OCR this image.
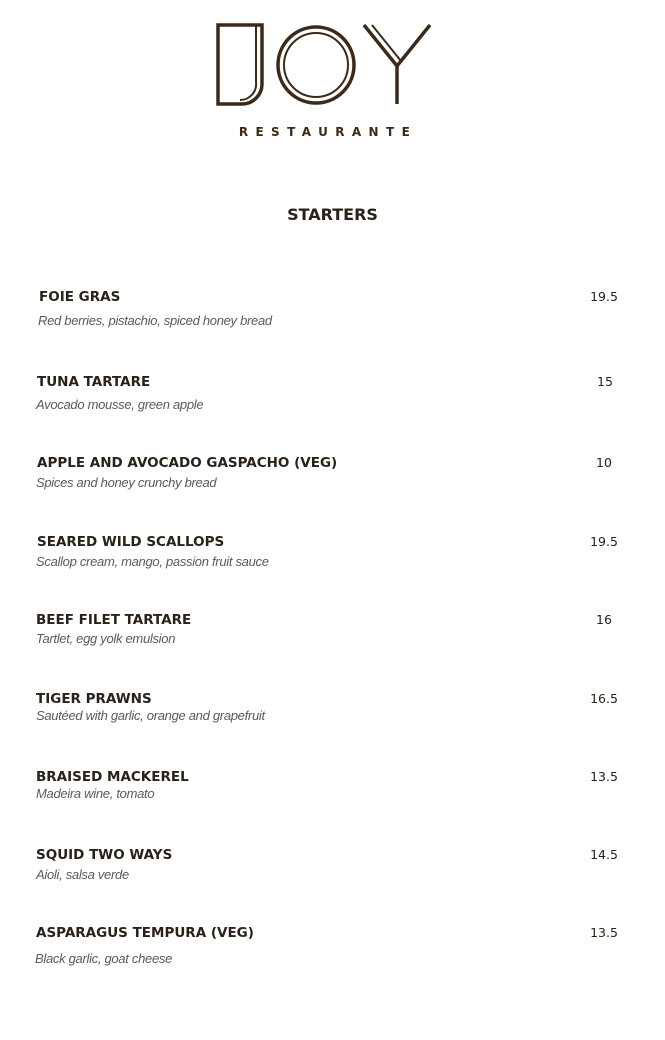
RESTAURANTE
STARTERS
FOIE GRAS
Red berries, pistachio, spiced honey bread
19.5
TUNA TARTARE
Avocado mousse, green apple
15
APPLE AND AVOCADO GASPACHO (VEG)
Spices and honey crunchy bread
10
SEARED WILD SCALLOPS
Scallop cream, mango, passion fruit sauce
19.5
BEEF FILET TARTARE
Tartlet, egg yolk emulsion
16
TIGER PRAWNS
Sautéed with garlic, orange and grapefruit
16.5
BRAISED MACKEREL
Madeira wine, tomato
13.5
SQUID TWO WAYS
Aioli, salsa verde
14.5
ASPARAGUS TEMPURA (VEG)
Black garlic, goat cheese
13.5
